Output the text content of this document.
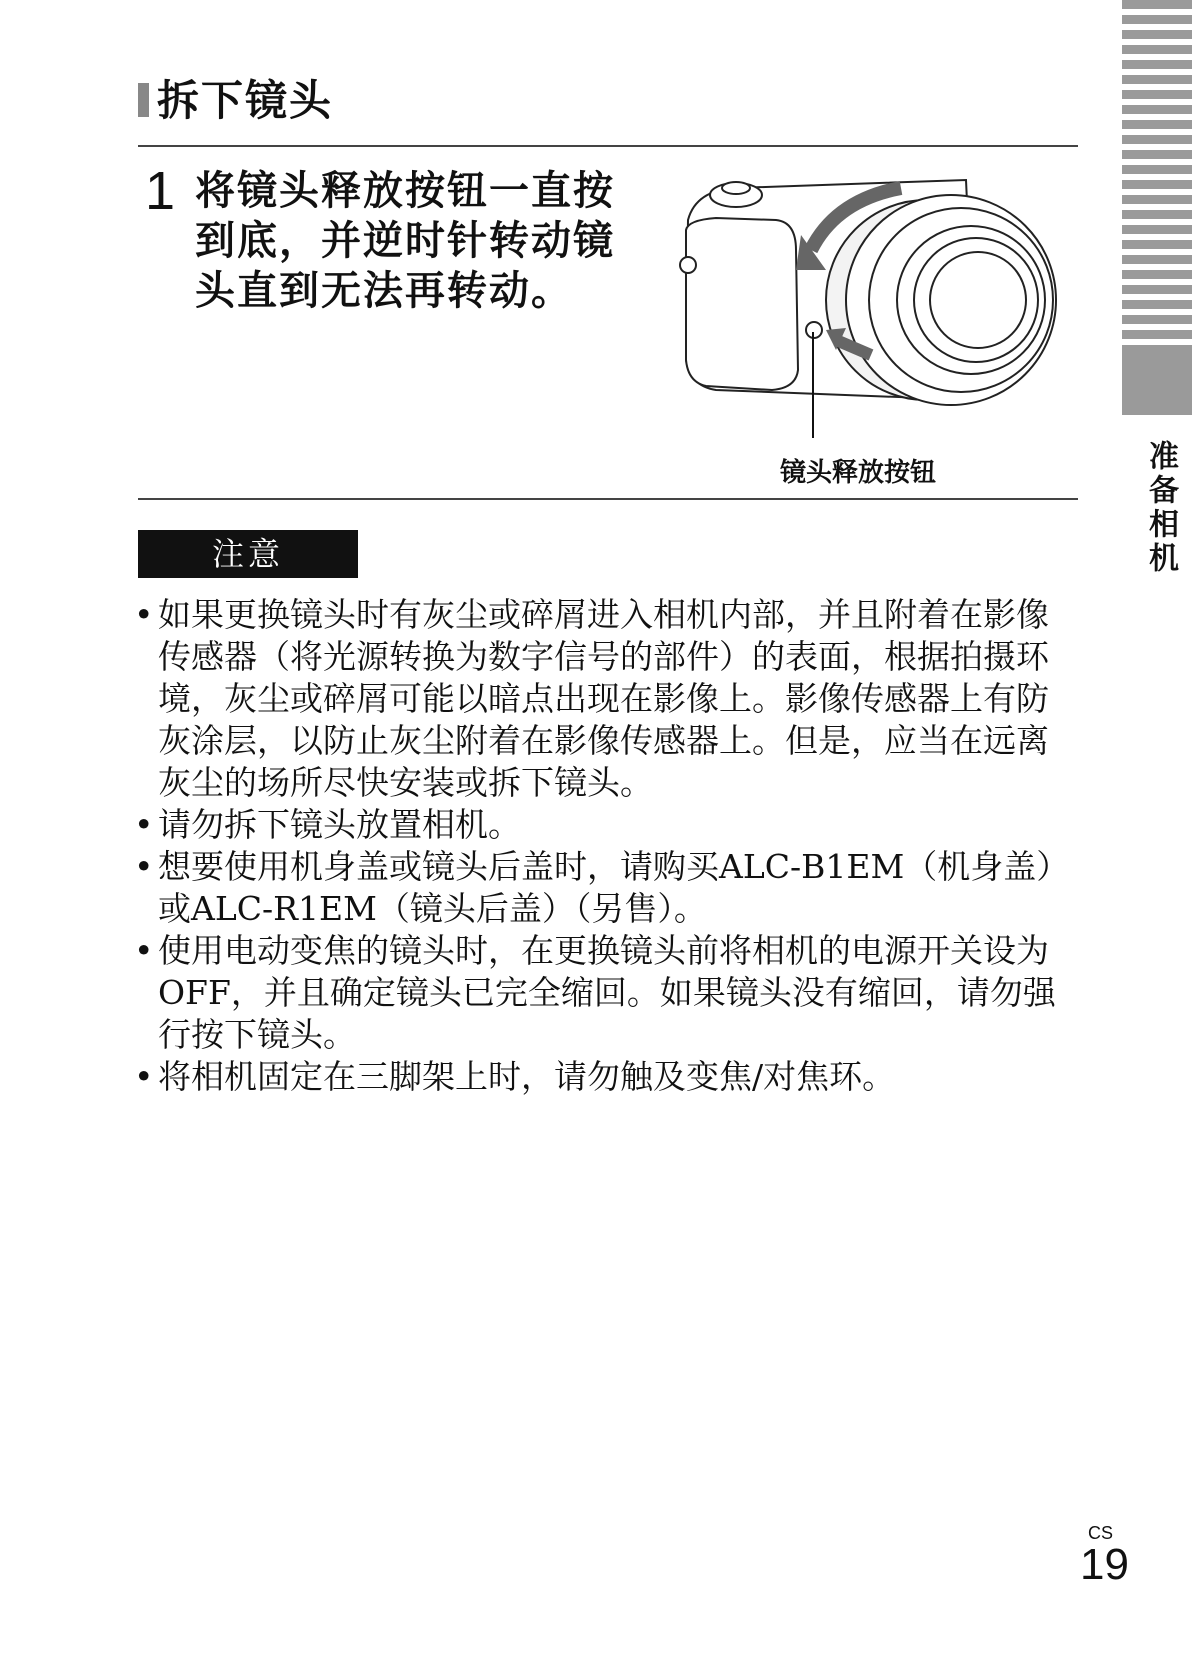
拆下镜头
1 将镜头释放按钮一直按到底，并逆时针转动镜头直到无法再转动。
镜头释放按钮
注意
• 如果更换镜头时有灰尘或碎屑进入相机内部，并且附着在影像传感器（将光源转换为数字信号的部件）的表面，根据拍摄环境，灰尘或碎屑可能以暗点出现在影像上。影像传感器上有防灰涂层，以防止灰尘附着在影像传感器上。但是，应当在远离灰尘的场所尽快安装或拆下镜头。
• 请勿拆下镜头放置相机。
• 想要使用机身盖或镜头后盖时，请购买ALC-B1EM（机身盖）或ALC-R1EM（镜头后盖）（另售）。
• 使用电动变焦的镜头时，在更换镜头前将相机的电源开关设为OFF，并且确定镜头已完全缩回。如果镜头没有缩回，请勿强行按下镜头。
• 将相机固定在三脚架上时，请勿触及变焦/对焦环。
准备相机
CS
19
